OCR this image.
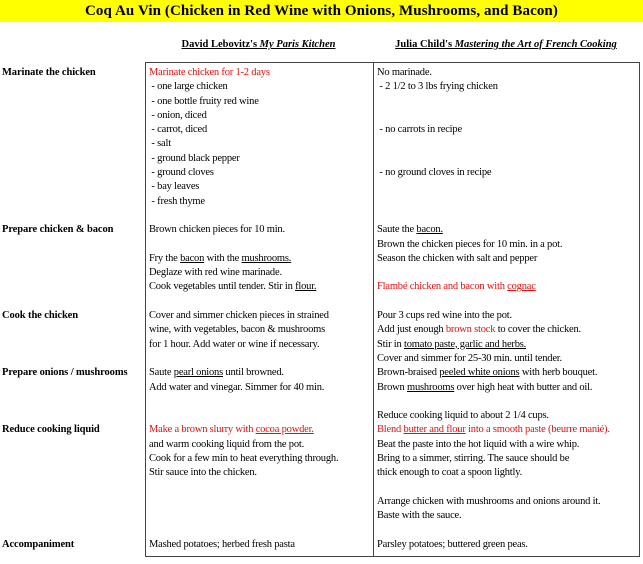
Coq Au Vin (Chicken in Red Wine with Onions, Mushrooms, and Bacon)
David Lebovitz's My Paris Kitchen	Julia Child's Mastering the Art of French Cooking
Marinate the chicken
Prepare chicken & bacon
Cook the chicken
Prepare onions / mushrooms
Reduce cooking liquid
Accompaniment
Marinate chicken for 1-2 days
- one large chicken
- one bottle fruity red wine
- onion, diced
- carrot, diced
- salt
- ground black pepper
- ground cloves
- bay leaves
- fresh thyme
Brown chicken pieces for 10 min.
Fry the bacon with the mushrooms.
Deglaze with red wine marinade.
Cook vegetables until tender. Stir in flour.
Cover and simmer chicken pieces in strained
wine, with vegetables, bacon & mushrooms
for 1 hour. Add water or wine if necessary.
Saute pearl onions until browned.
Add water and vinegar. Simmer for 40 min.
Make a brown slurry with cocoa powder.
and warm cooking liquid from the pot.
Cook for a few min to heat everything through.
Stir sauce into the chicken.
Mashed potatoes; herbed fresh pasta
No marinade.
- 2 1/2 to 3 lbs frying chicken
- no carrots in recipe
- no ground cloves in recipe
Saute the bacon.
Brown the chicken pieces for 10 min. in a pot.
Season the chicken with salt and pepper
Flambé chicken and bacon with cognac
Pour 3 cups red wine into the pot.
Add just enough brown stock to cover the chicken.
Stir in tomato paste, garlic and herbs.
Cover and simmer for 25-30 min. until tender.
Brown-braised peeled white onions with herb bouquet.
Brown mushrooms over high heat with butter and oil.
Reduce cooking liquid to about 2 1/4 cups.
Blend butter and flour into a smooth paste (beurre manié).
Beat the paste into the hot liquid with a wire whip.
Bring to a simmer, stirring. The sauce should be
thick enough to coat a spoon lightly.
Arrange chicken with mushrooms and onions around it.
Baste with the sauce.
Parsley potatoes; buttered green peas.
